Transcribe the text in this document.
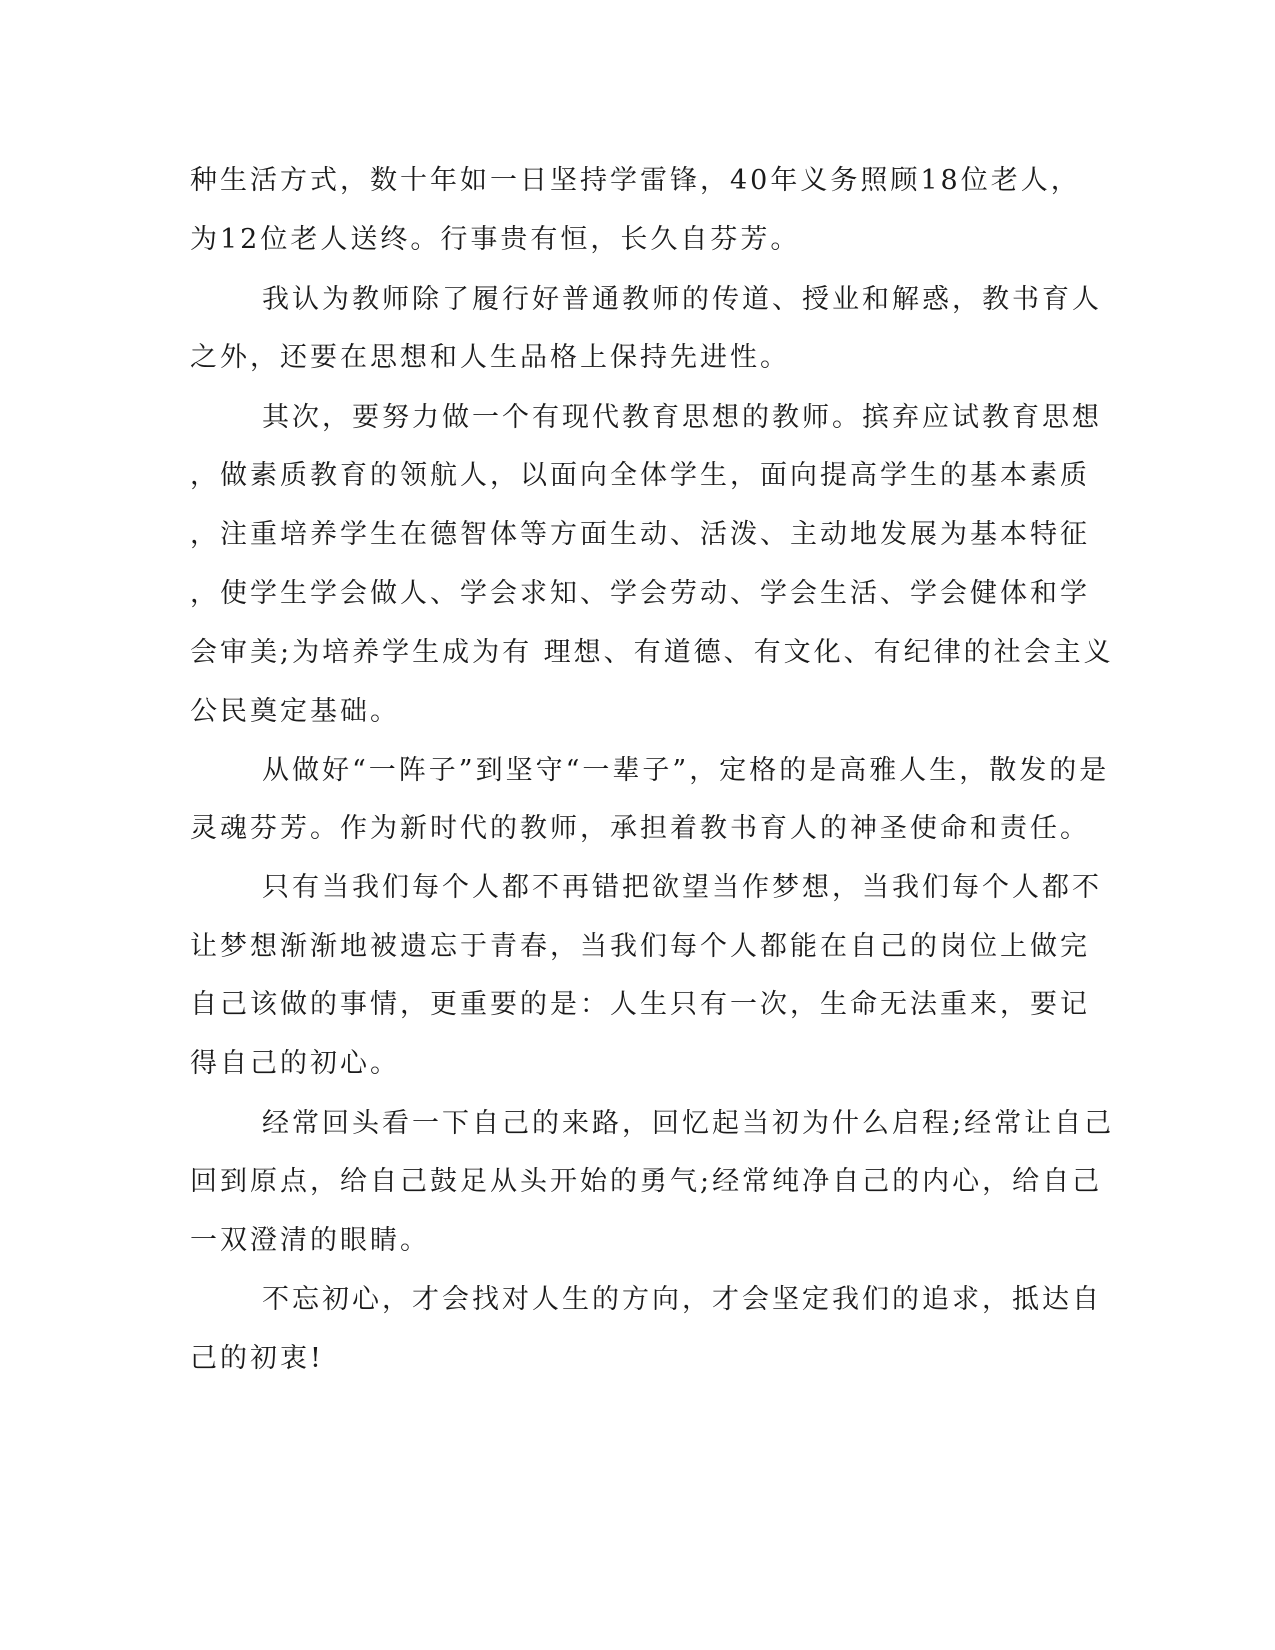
种生活方式，数十年如一日坚持学雷锋，40年义务照顾18位老人，
为12位老人送终。行事贵有恒，长久自芬芳。
我认为教师除了履行好普通教师的传道、授业和解惑，教书育人
之外，还要在思想和人生品格上保持先进性。
其次，要努力做一个有现代教育思想的教师。摈弃应试教育思想
，做素质教育的领航人，以面向全体学生，面向提高学生的基本素质
，注重培养学生在德智体等方面生动、活泼、主动地发展为基本特征
，使学生学会做人、学会求知、学会劳动、学会生活、学会健体和学
会审美;为培养学生成为有 理想、有道德、有文化、有纪律的社会主义
公民奠定基础。
从做好“一阵子”到坚守“一辈子”，定格的是高雅人生，散发的是
灵魂芬芳。作为新时代的教师，承担着教书育人的神圣使命和责任。
只有当我们每个人都不再错把欲望当作梦想，当我们每个人都不
让梦想渐渐地被遗忘于青春，当我们每个人都能在自己的岗位上做完
自己该做的事情，更重要的是：人生只有一次，生命无法重来，要记
得自己的初心。
经常回头看一下自己的来路，回忆起当初为什么启程;经常让自己
回到原点，给自己鼓足从头开始的勇气;经常纯净自己的内心，给自己
一双澄清的眼睛。
不忘初心，才会找对人生的方向，才会坚定我们的追求，抵达自
己的初衷!
